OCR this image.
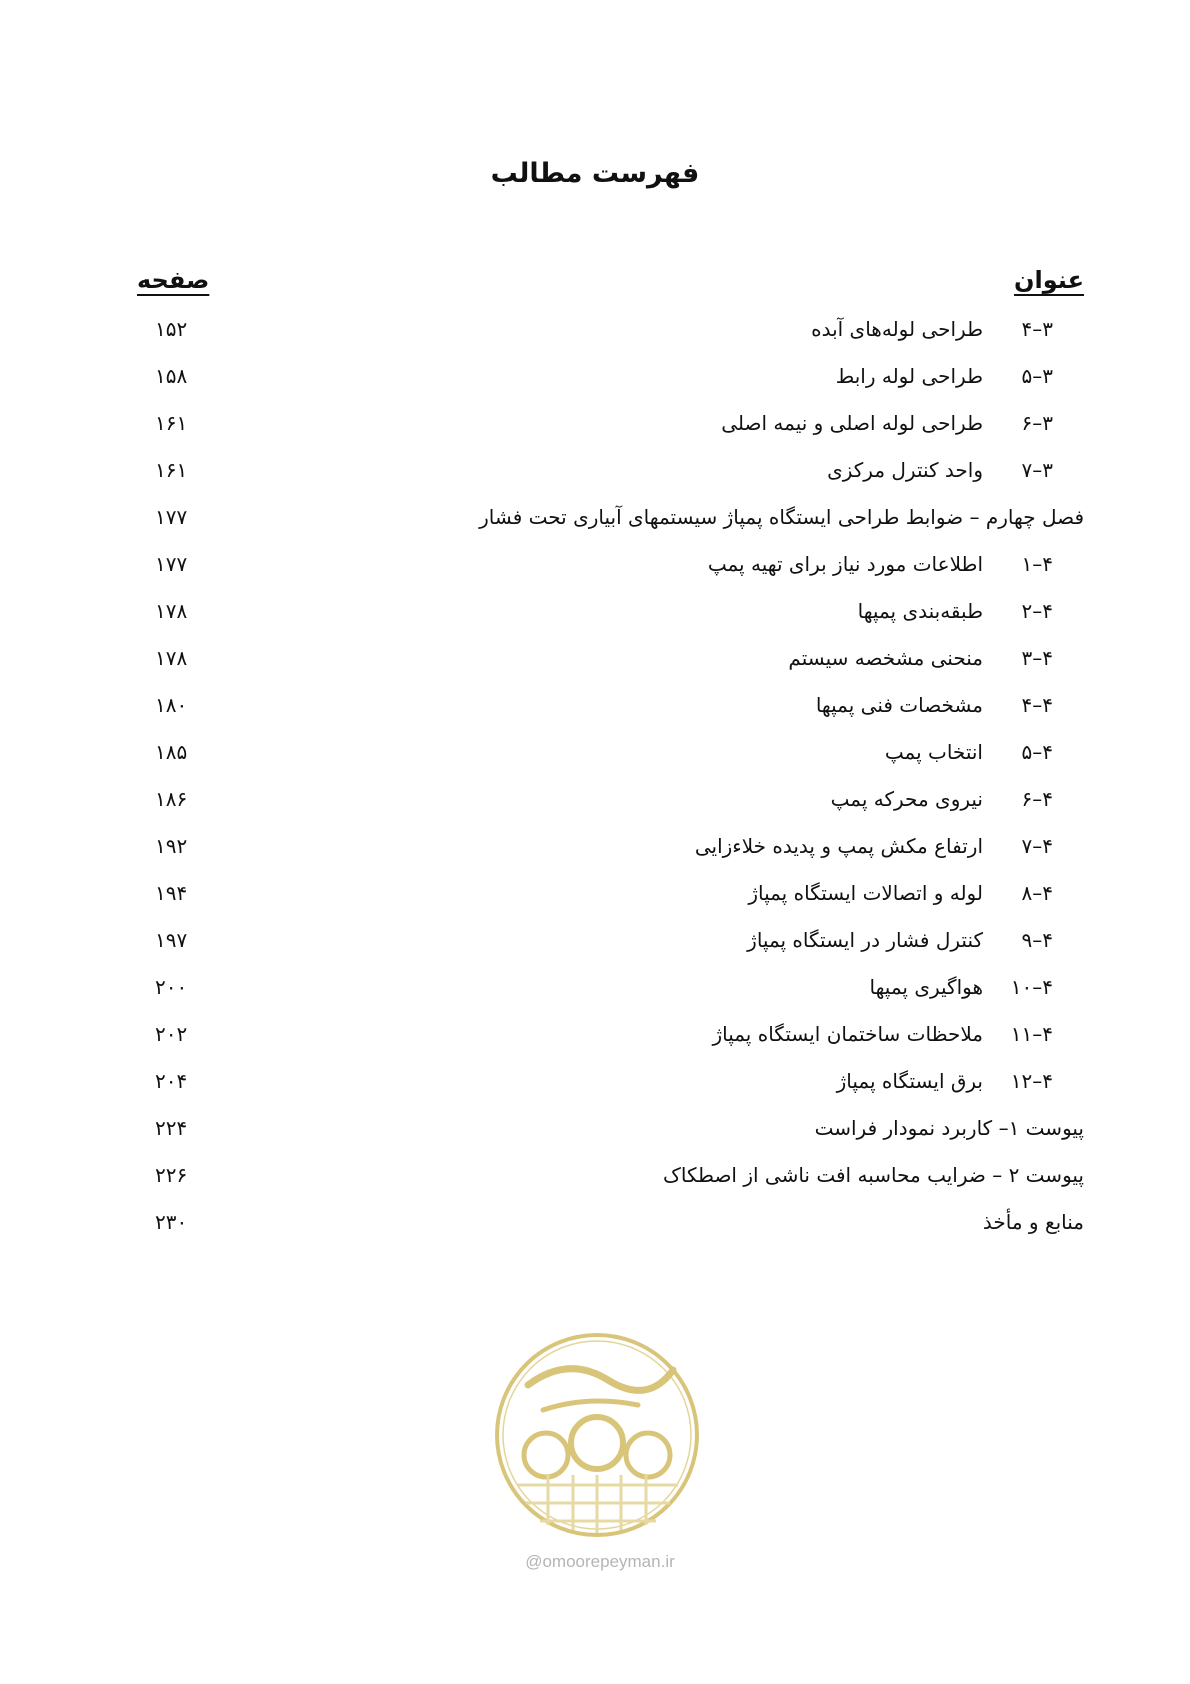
فهرست مطالب
عنوان
صفحه
۳–۴طراحی لوله‌های آبده
۱۵۲
۳–۵طراحی لوله رابط
۱۵۸
۳–۶طراحی لوله اصلی و نیمه اصلی
۱۶۱
۳–۷واحد کنترل مرکزی
۱۶۱
فصل چهارم – ضوابط طراحی ایستگاه پمپاژ سیستمهای آبیاری تحت فشار
۱۷۷
۴–۱اطلاعات مورد نیاز برای تهیه پمپ
۱۷۷
۴–۲طبقه‌بندی پمپها
۱۷۸
۴–۳منحنی مشخصه سیستم
۱۷۸
۴–۴مشخصات فنی پمپها
۱۸۰
۴–۵انتخاب پمپ
۱۸۵
۴–۶نیروی محرکه پمپ
۱۸۶
۴–۷ارتفاع مکش پمپ و پدیده خلاءزایی
۱۹۲
۴–۸لوله و اتصالات ایستگاه پمپاژ
۱۹۴
۴–۹کنترل فشار در ایستگاه پمپاژ
۱۹۷
۴–۱۰هواگیری پمپها
۲۰۰
۴–۱۱ملاحظات ساختمان ایستگاه پمپاژ
۲۰۲
۴–۱۲برق ایستگاه پمپاژ
۲۰۴
پیوست ۱– کاربرد نمودار فراست
۲۲۴
پیوست ۲ – ضرایب محاسبه افت ناشی از اصطکاک
۲۲۶
منابع و مأخذ
۲۳۰
@omoorepeyman.ir
